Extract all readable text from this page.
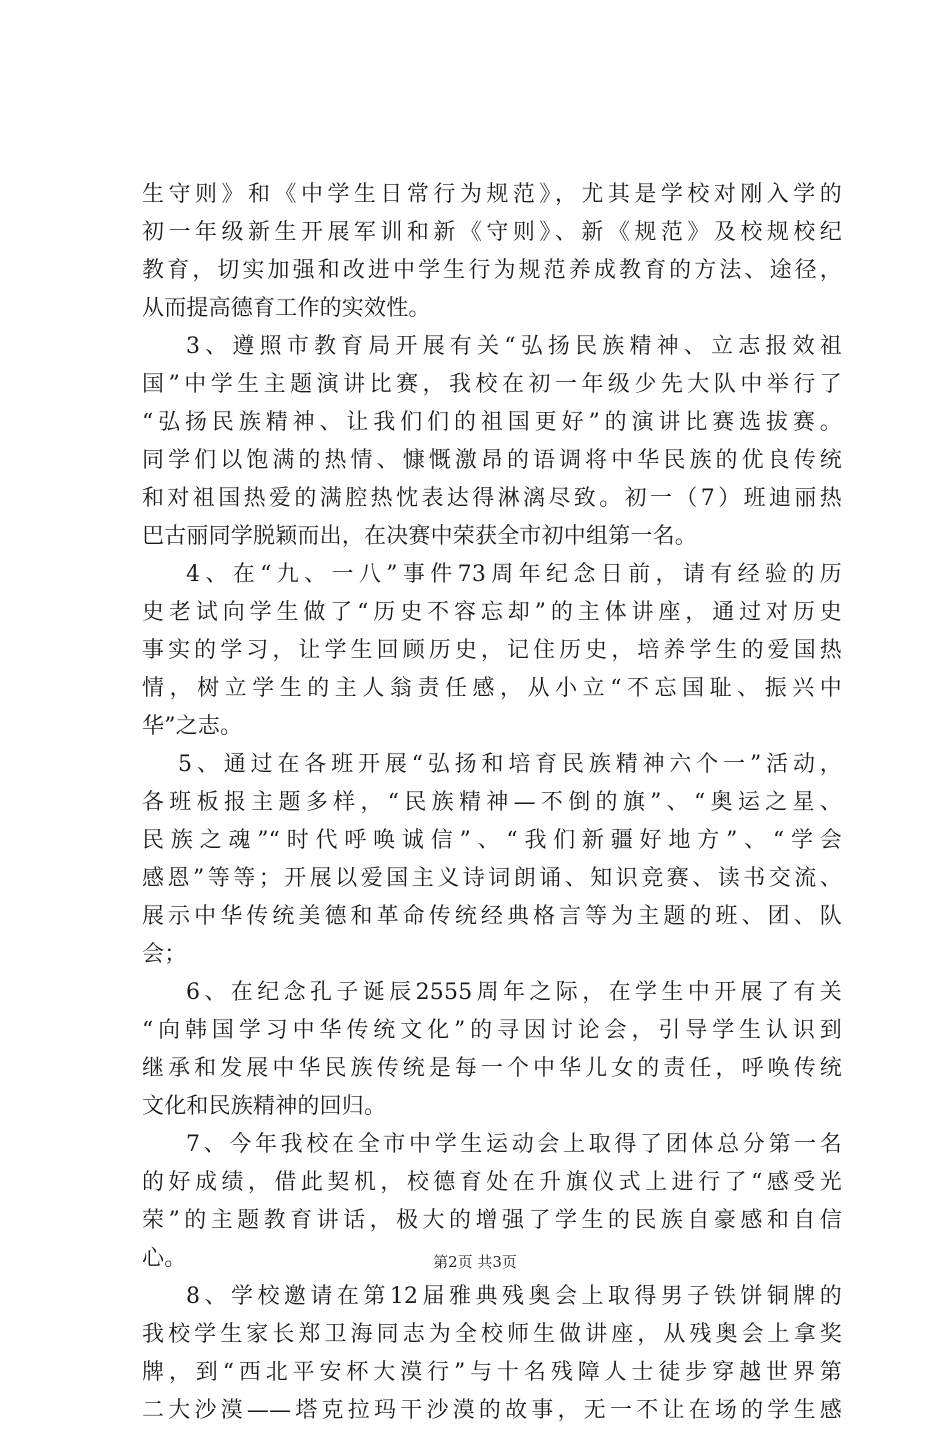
生守则》和《中学生日常行为规范》，尤其是学校对刚入学的
初一年级新生开展军训和新《守则》、新《规范》及校规校纪
教育，切实加强和改进中学生行为规范养成教育的方法、途径，
从而提高德育工作的实效性。
3、遵照市教育局开展有关“弘扬民族精神、立志报效祖
国”中学生主题演讲比赛，我校在初一年级少先大队中举行了
“弘扬民族精神、让我们们的祖国更好”的演讲比赛选拔赛。
同学们以饱满的热情、慷慨激昂的语调将中华民族的优良传统
和对祖国热爱的满腔热忱表达得淋漓尽致。初一（7）班迪丽热
巴古丽同学脱颖而出，在决赛中荣获全市初中组第一名。
4、在“九、一八”事件73周年纪念日前，请有经验的历
史老试向学生做了“历史不容忘却”的主体讲座，通过对历史
事实的学习，让学生回顾历史，记住历史，培养学生的爱国热
情，树立学生的主人翁责任感，从小立“不忘国耻、振兴中
华”之志。
5、通过在各班开展“弘扬和培育民族精神六个一”活动，
各班板报主题多样，“民族精神—不倒的旗”、“奥运之星、
民族之魂”“时代呼唤诚信”、“我们新疆好地方”、“学会
感恩”等等；开展以爱国主义诗词朗诵、知识竞赛、读书交流、
展示中华传统美德和革命传统经典格言等为主题的班、团、队
会；
6、在纪念孔子诞辰2555周年之际，在学生中开展了有关
“向韩国学习中华传统文化”的寻因讨论会，引导学生认识到
继承和发展中华民族传统是每一个中华儿女的责任，呼唤传统
文化和民族精神的回归。
7、今年我校在全市中学生运动会上取得了团体总分第一名
的好成绩，借此契机，校德育处在升旗仪式上进行了“感受光
荣”的主题教育讲话，极大的增强了学生的民族自豪感和自信
心。
8、学校邀请在第12届雅典残奥会上取得男子铁饼铜牌的
我校学生家长郑卫海同志为全校师生做讲座，从残奥会上拿奖
牌，到“西北平安杯大漠行”与十名残障人士徒步穿越世界第
二大沙漠——塔克拉玛干沙漠的故事，无一不让在场的学生感
第2页 共3页
